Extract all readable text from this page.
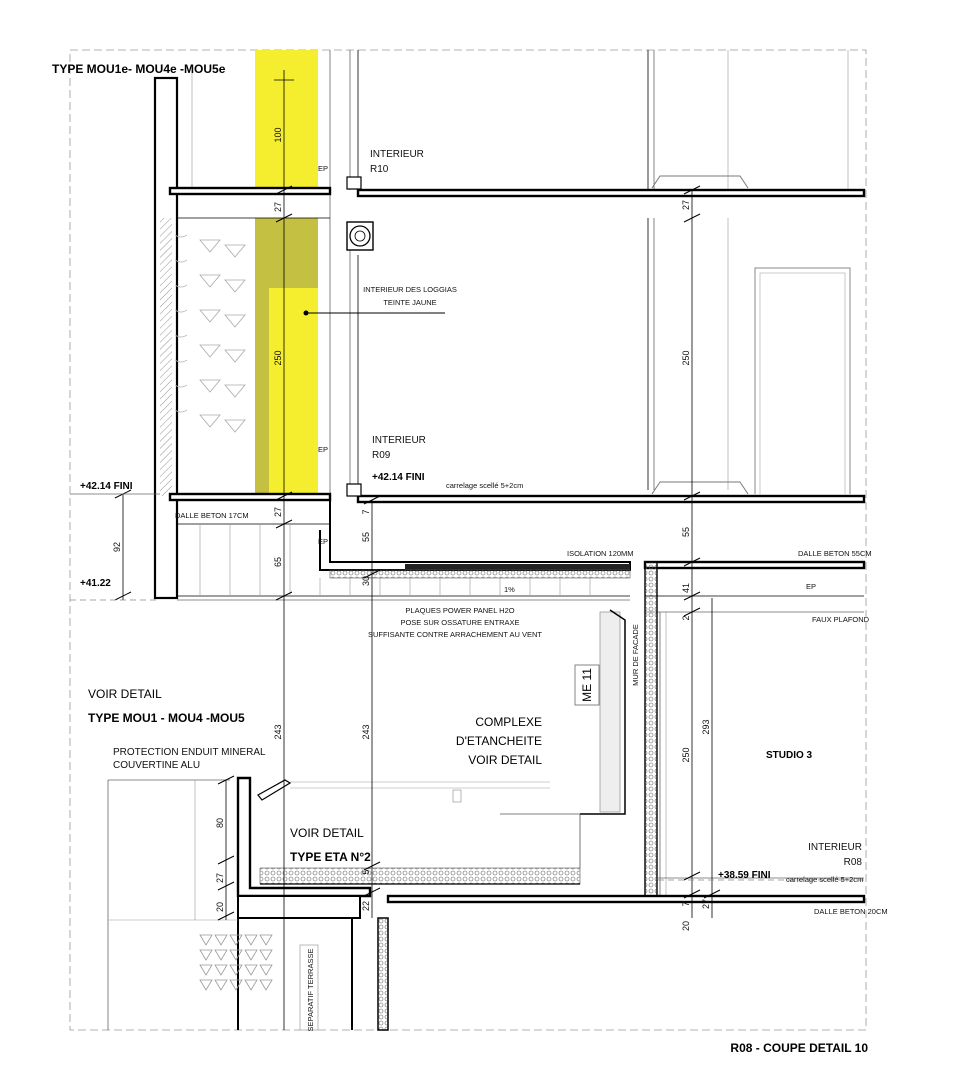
TYPE MOU1e- MOU4e -MOU5e
INTERIEUR
R10
INTERIEUR DES LOGGIAS
TEINTE JAUNE
INTERIEUR
R09
+42.14 FINI
carrelage scellé 5+2cm
+42.14 FINI
+41.22
DALLE BETON 17CM
ISOLATION 120MM	DALLE BETON 55CM
1%
PLAQUES POWER PANEL H2O
POSE SUR OSSATURE ENTRAXE
SUFFISANTE CONTRE ARRACHEMENT AU VENT
FAUX PLAFOND
MUR DE FACADE
ME 11
COMPLEXE
D'ETANCHEITE
VOIR DETAIL
VOIR DETAIL
TYPE MOU1 - MOU4 -MOU5
PROTECTION ENDUIT MINERAL
COUVERTINE ALU
VOIR DETAIL
TYPE ETA N°2
STUDIO 3
INTERIEUR
R08
+38.59 FINI carrelage scellé 5+2cm
DALLE BETON 20CM
SEPARATIF TERRASSE
EP
EP
EP
EP
R08 - COUPE DETAIL 10
100
27
250
27
65
243
7
55
30
243
5
22
92
80
27
20
27
250
55
41
2
250
293
27
7
20
